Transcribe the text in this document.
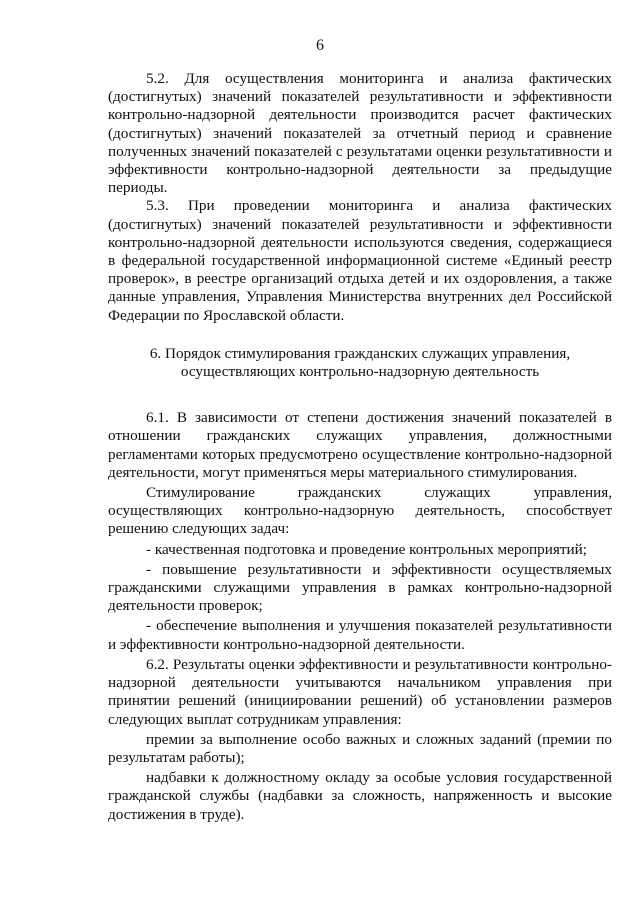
6

5.2. Для осуществления мониторинга и анализа фактических (достигнутых) значений показателей результативности и эффективности контрольно-надзорной деятельности производится расчет фактических (достигнутых) значений показателей за отчетный период и сравнение полученных значений показателей с результатами оценки результативности и эффективности контрольно-надзорной деятельности за предыдущие периоды.

5.3. При проведении мониторинга и анализа фактических (достигнутых) значений показателей результативности и эффективности контрольно-надзорной деятельности используются сведения, содержащиеся в федеральной государственной информационной системе «Единый реестр проверок», в реестре организаций отдыха детей и их оздоровления, а также данные управления, Управления Министерства внутренних дел Российской Федерации по Ярославской области.

6. Порядок стимулирования гражданских служащих управления, осуществляющих контрольно-надзорную деятельность

6.1. В зависимости от степени достижения значений показателей в отношении гражданских служащих управления, должностными регламентами которых предусмотрено осуществление контрольно-надзорной деятельности, могут применяться меры материального стимулирования.

Стимулирование гражданских служащих управления, осуществляющих контрольно-надзорную деятельность, способствует решению следующих задач:

- качественная подготовка и проведение контрольных мероприятий;

- повышение результативности и эффективности осуществляемых гражданскими служащими управления в рамках контрольно-надзорной деятельности проверок;

- обеспечение выполнения и улучшения показателей результативности и эффективности контрольно-надзорной деятельности.

6.2. Результаты оценки эффективности и результативности контрольно-надзорной деятельности учитываются начальником управления при принятии решений (инициировании решений) об установлении размеров следующих выплат сотрудникам управления:

премии за выполнение особо важных и сложных заданий (премии по результатам работы);

надбавки к должностному окладу за особые условия государственной гражданской службы (надбавки за сложность, напряженность и высокие достижения в труде).
